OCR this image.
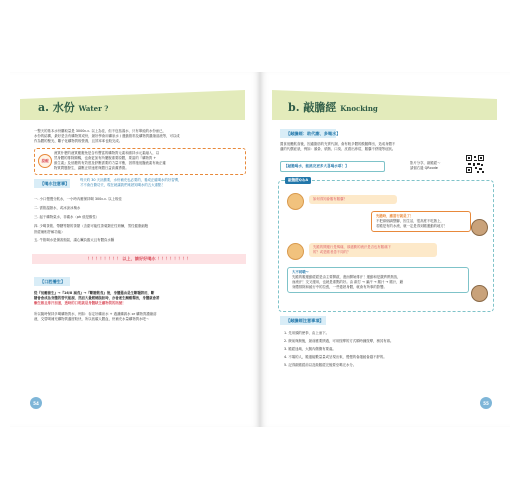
a. 水份 Water ?
一整天的基本水份攝取量是 3000c.c. 以上為佳，但不包括湯水、只有單純的水份而已，
水份的結構，最好是含有礦物質成份，最好學會用礦泉水 / 運動飲料及礦物質濃縮溶液等，可以成
作為體的聚光、離子化礦物質較營養，且效率率也較完成。
提醒
流質什麼的液質應避免是含有豐富的礦物質元素和維持水元素融入，以
然身體的排除順暢，也會更加有所擺脫重要原體，要當的『礦物質 +
維生素』及低糖的有效度及舒壓需要的力量平衡，因實施低鹽液素有助正確
物質問題發生，讓壓正常速度與體日益高潔勇德。
【喝水注意事】
每天約 30 天計劃要，水份補充也必要的，養成正確喝水的好習慣，
才不會白費功夫，現在就讓我們來熟知喝水的五大重點！
一. 小口慢慢分飲水，一小時內應保持喝 300c.c. 以上較佳
二. 需飲溫熱水，或冰涼冰塊水
三. 起于礦物氣水，非碳水（ph 值是酸性）
四. 少喝茶飲、帶糖等類的茶類（含甜可能性茶葉類在性荷爾，男性健康細胞
肝經補相抒解功能）
五. 牛飲喝水是傷害損氣，讓心臟負擔太且有體負水腫
！！！！！！！！ 以上，請好好喝水 ！！！！！！！！
【口腔養生】
從『低醣養生』→『16/8 減食』→『斷糖飲食』後，身體藉由是生斷糧將用，斷
糖會會成為身體的替代能源，然而大量燃燒脂肪時，亦會產生酮酸釋放，身體就會將
酮生熱且排汗加速，透時的口乾就是身體缺乏礦物質的訊號！
所以隨時保持多喝礦物質水，例如：吞定好礦泉水 + 過濾礦源水 or 礦物質濃縮溶
液，交替喝補充礦物質適度較快，所以低碳人體血，快補充水量礦物質水吧～
54
b. 敲膽經 Knocking
【敲膽經：助代謝、多喝水】
置食低醣飲食後，因適脂肪的充實代謝，會有較多體的酸腰釋出，造成身體不
適的代價症狀，例如：頭暈、煩熱、口臭、皮膚出疹痘，膽囊不舒服等症狀。
【敲膽喝水，能挑完更多大喜喝水耶！】
影片分享，敲膽經～
請掃右邊 QRcode
敲膽經Q＆A
如何得知會膽有膽囊？
先膽時，應當行就是了！
不把兩個調整腳，因生活，很高度不吃熱上，
若膽是有的水流，就一定是得到膽運動的地方！
先膽的開運行是嗎痛，那還勤的流汗是否也有膽痛下
的？或是膽者患不同的？
大不同哦～
先膽的膽運動經經是由主要開啟，進而開始排汗！運動和是激將將熱放，
而流汗！交叉運用，也就是重點的好。由 敲打 → 滿汗 → 膽汁 → 膽汁，藉
身體排除和緩行中的拉張，一些萎熟身體，就會有所事的影響。
【敲膽經注意事項】
1. 先用頭的使拳、由上而下。
2. 飯前與飯後，最前應要擠過，可用按摩的方式順時鐘按摩，務其有兩。
3. 膽經迷域，大腿內側側有要處。
4. 不場的人，膽還能數量量或呈現出來，慢慢的會趨緩會越不舒的。
5. 記得敲膽經前以及敲膽經完後要至喝完水分。
55
